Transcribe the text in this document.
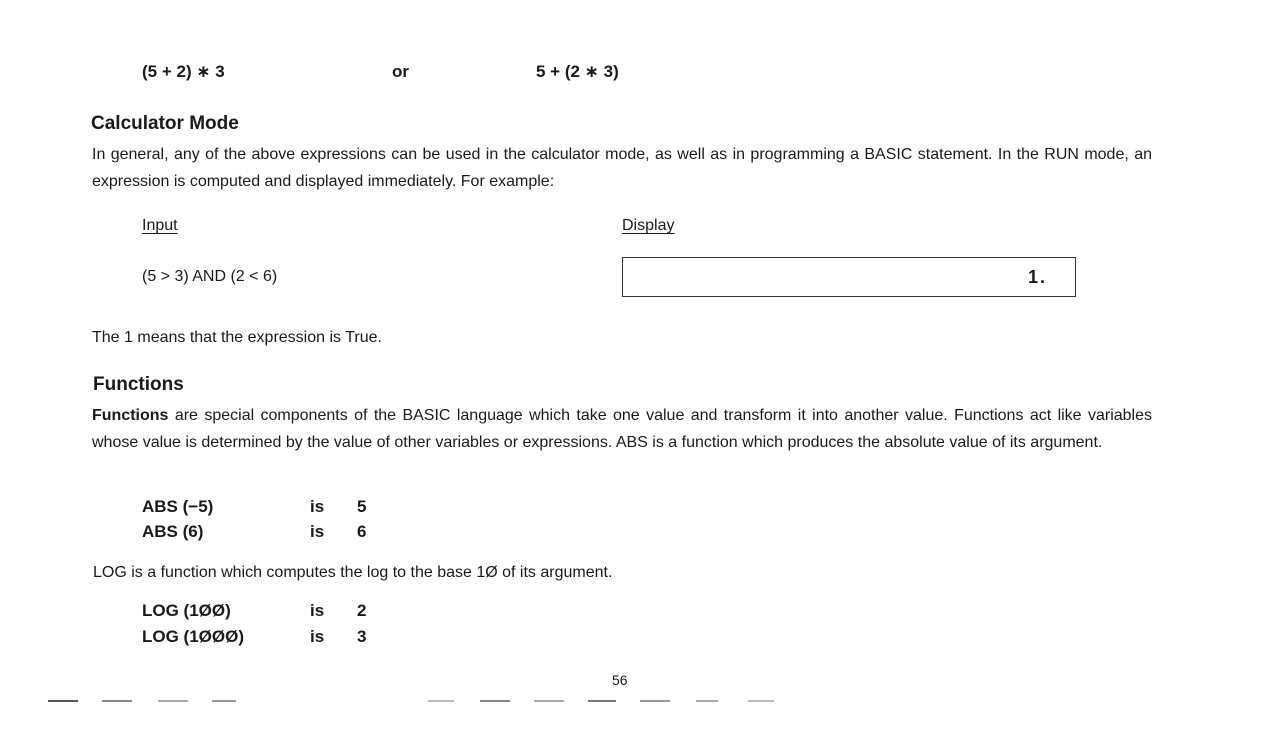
(5 + 2) ∗ 3	or	5 + (2 ∗ 3)
Calculator Mode
In general, any of the above expressions can be used in the calculator mode, as well as in programming a BASIC statement. In the RUN mode, an expression is computed and displayed immediately. For example:
Input	Display
(5 > 3) AND (2 < 6)	1.
The 1 means that the expression is True.
Functions
Functions are special components of the BASIC language which take one value and transform it into another value. Functions act like variables whose value is determined by the value of other variables or expressions. ABS is a function which produces the absolute value of its argument.
ABS (−5)	is 5
ABS (6)	is 6
LOG is a function which computes the log to the base 1Ø of its argument.
LOG (1ØØ)	is 2
LOG (1ØØØ)	is 3
56
